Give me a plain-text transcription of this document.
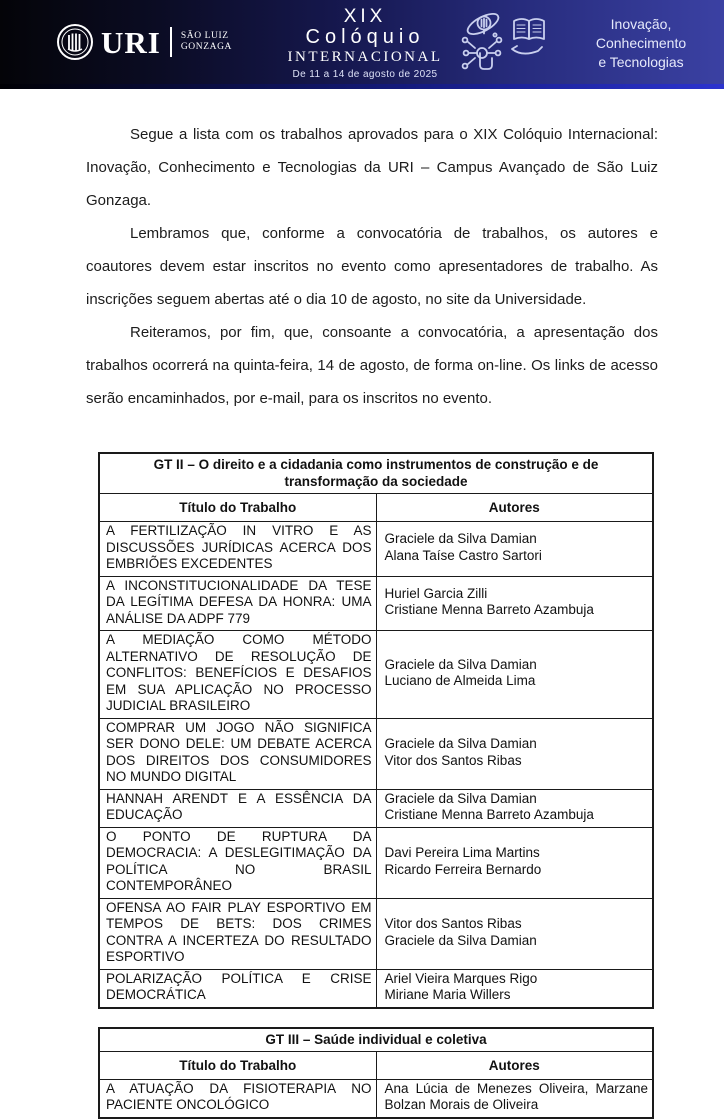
URI SÃO LUIZ
GONZAGA
XIX
Colóquio
INTERNACIONAL
De 11 a 14 de agosto de 2025
Inovação,
Conhecimento
e Tecnologias

Segue a lista com os trabalhos aprovados para o XIX Colóquio Internacional: Inovação, Conhecimento e Tecnologias da URI – Campus Avançado de São Luiz Gonzaga.

Lembramos que, conforme a convocatória de trabalhos, os autores e coautores devem estar inscritos no evento como apresentadores de trabalho. As inscrições seguem abertas até o dia 10 de agosto, no site da Universidade.

Reiteramos, por fim, que, consoante a convocatória, a apresentação dos trabalhos ocorrerá na quinta-feira, 14 de agosto, de forma on-line. Os links de acesso serão encaminhados, por e-mail, para os inscritos no evento.

GT II – O direito e a cidadania como instrumentos de construção e de transformação da sociedade	
Título do Trabalho	Autores
A FERTILIZAÇÃO IN VITRO E AS DISCUSSÕES JURÍDICAS ACERCA DOS EMBRIÕES EXCEDENTES	Graciele da Silva Damian
Alana Taíse Castro Sartori

A INCONSTITUCIONALIDADE DA TESE DA LEGÍTIMA DEFESA DA HONRA: UMA ANÁLISE DA ADPF 779	Huriel Garcia Zilli
Cristiane Menna Barreto Azambuja

A MEDIAÇÃO COMO MÉTODO ALTERNATIVO DE RESOLUÇÃO DE CONFLITOS: BENEFÍCIOS E DESAFIOS EM SUA APLICAÇÃO NO PROCESSO JUDICIAL BRASILEIRO	Graciele da Silva Damian
Luciano de Almeida Lima

COMPRAR UM JOGO NÃO SIGNIFICA SER DONO DELE: UM DEBATE ACERCA DOS DIREITOS DOS CONSUMIDORES NO MUNDO DIGITAL	Graciele da Silva Damian
Vitor dos Santos Ribas

HANNAH ARENDT E A ESSÊNCIA DA EDUCAÇÃO	Graciele da Silva Damian
Cristiane Menna Barreto Azambuja

O PONTO DE RUPTURA DA DEMOCRACIA: A DESLEGITIMAÇÃO DA POLÍTICA NO BRASIL CONTEMPORÂNEO	Davi Pereira Lima Martins
Ricardo Ferreira Bernardo

OFENSA AO FAIR PLAY ESPORTIVO EM TEMPOS DE BETS: DOS CRIMES CONTRA A INCERTEZA DO RESULTADO ESPORTIVO	Vitor dos Santos Ribas
Graciele da Silva Damian

POLARIZAÇÃO POLÍTICA E CRISE DEMOCRÁTICA	Ariel Vieira Marques Rigo
Miriane Maria Willers
GT III – Saúde individual e coletiva	
Título do Trabalho	Autores
A ATUAÇÃO DA FISIOTERAPIA NO PACIENTE ONCOLÓGICO	Ana Lúcia de Menezes Oliveira, Marzane Bolzan Morais de Oliveira
